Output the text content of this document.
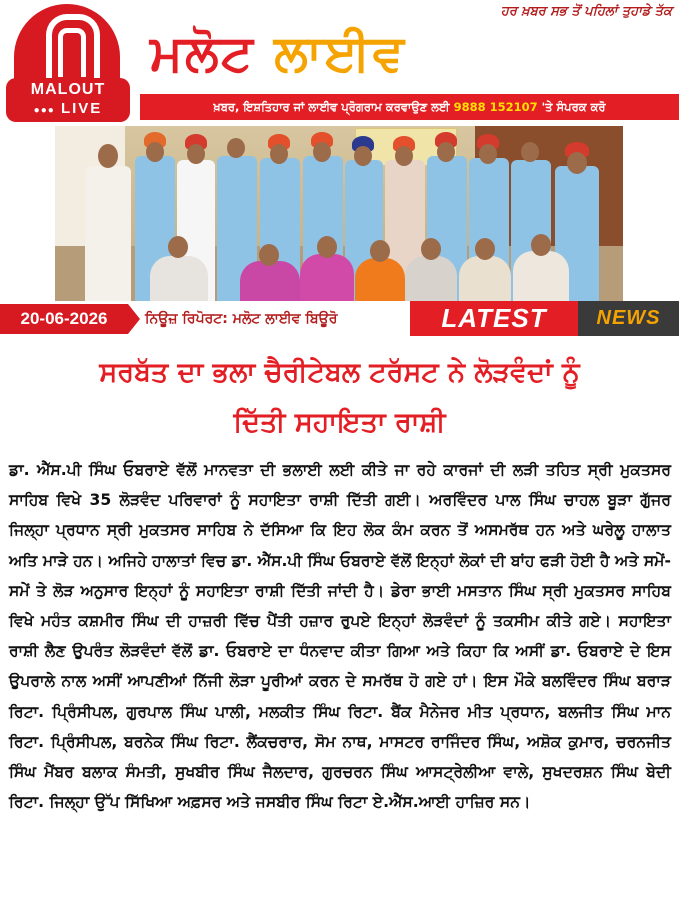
MALOUT
●●● LIVE
ਹਰ ਖ਼ਬਰ ਸਭ ਤੋਂ ਪਹਿਲਾਂ ਤੁਹਾਡੇ ਤੱਕ
ਮਲੋਟ ਲਾਈਵ
ਖ਼ਬਰ, ਇਸ਼ਤਿਹਾਰ ਜਾਂ ਲਾਈਵ ਪ੍ਰੋਗਰਾਮ ਕਰਵਾਉਣ ਲਈ 9888 152107 'ਤੇ ਸੰਪਰਕ ਕਰੋ
20-06-2026	ਨਿਊਜ਼ ਰਿਪੋਰਟ: ਮਲੋਟ ਲਾਈਵ ਬਿਊਰੋ	LATEST	NEWS
ਸਰਬੱਤ ਦਾ ਭਲਾ ਚੈਰੀਟੇਬਲ ਟਰੱਸਟ ਨੇ ਲੋੜਵੰਦਾਂ ਨੂੰ
ਦਿੱਤੀ ਸਹਾਇਤਾ ਰਾਸ਼ੀ
ਡਾ. ਐੱਸ.ਪੀ ਸਿੰਘ ਓਬਰਾਏ ਵੱਲੋਂ ਮਾਨਵਤਾ ਦੀ ਭਲਾਈ ਲਈ ਕੀਤੇ ਜਾ ਰਹੇ ਕਾਰਜਾਂ ਦੀ ਲੜੀ ਤਹਿਤ ਸ੍ਰੀ ਮੁਕਤਸਰ ਸਾਹਿਬ ਵਿਖੇ 35 ਲੋੜਵੰਦ ਪਰਿਵਾਰਾਂ ਨੂੰ ਸਹਾਇਤਾ ਰਾਸ਼ੀ ਦਿੱਤੀ ਗਈ। ਅਰਵਿੰਦਰ ਪਾਲ ਸਿੰਘ ਚਾਹਲ ਬੂੜਾ ਗੁੱਜਰ ਜਿਲ੍ਹਾ ਪ੍ਰਧਾਨ ਸ੍ਰੀ ਮੁਕਤਸਰ ਸਾਹਿਬ ਨੇ ਦੱਸਿਆ ਕਿ ਇਹ ਲੋਕ ਕੰਮ ਕਰਨ ਤੋਂ ਅਸਮਰੱਥ ਹਨ ਅਤੇ ਘਰੇਲੂ ਹਾਲਾਤ ਅਤਿ ਮਾੜੇ ਹਨ। ਅਜਿਹੇ ਹਾਲਾਤਾਂ ਵਿਚ ਡਾ. ਐੱਸ.ਪੀ ਸਿੰਘ ਓਬਰਾਏ ਵੱਲੋਂ ਇਨ੍ਹਾਂ ਲੋਕਾਂ ਦੀ ਬਾਂਹ ਫੜੀ ਹੋਈ ਹੈ ਅਤੇ ਸਮੇਂ-ਸਮੇਂ ਤੇ ਲੋੜ ਅਨੁਸਾਰ ਇਨ੍ਹਾਂ ਨੂੰ ਸਹਾਇਤਾ ਰਾਸ਼ੀ ਦਿੱਤੀ ਜਾਂਦੀ ਹੈ। ਡੇਰਾ ਭਾਈ ਮਸਤਾਨ ਸਿੰਘ ਸ੍ਰੀ ਮੁਕਤਸਰ ਸਾਹਿਬ ਵਿਖੇ ਮਹੰਤ ਕਸ਼ਮੀਰ ਸਿੰਘ ਦੀ ਹਾਜ਼ਰੀ ਵਿੱਚ ਪੈਂਤੀ ਹਜ਼ਾਰ ਰੁਪਏ ਇਨ੍ਹਾਂ ਲੋੜਵੰਦਾਂ ਨੂੰ ਤਕਸੀਮ ਕੀਤੇ ਗਏ। ਸਹਾਇਤਾ ਰਾਸ਼ੀ ਲੈਣ ਉਪਰੰਤ ਲੋੜਵੰਦਾਂ ਵੱਲੋਂ ਡਾ. ਓਬਰਾਏ ਦਾ ਧੰਨਵਾਦ ਕੀਤਾ ਗਿਆ ਅਤੇ ਕਿਹਾ ਕਿ ਅਸੀਂ ਡਾ. ਓਬਰਾਏ ਦੇ ਇਸ ਉਪਰਾਲੇ ਨਾਲ ਅਸੀਂ ਆਪਣੀਆਂ ਨਿੱਜੀ ਲੋੜਾ ਪੂਰੀਆਂ ਕਰਨ ਦੇ ਸਮਰੱਥ ਹੋ ਗਏ ਹਾਂ। ਇਸ ਮੌਕੇ ਬਲਵਿੰਦਰ ਸਿੰਘ ਬਰਾੜ ਰਿਟਾ. ਪ੍ਰਿੰਸੀਪਲ, ਗੁਰਪਾਲ ਸਿੰਘ ਪਾਲੀ, ਮਲਕੀਤ ਸਿੰਘ ਰਿਟਾ. ਬੈਂਕ ਮੈਨੇਜਰ ਮੀਤ ਪ੍ਰਧਾਨ, ਬਲਜੀਤ ਸਿੰਘ ਮਾਨ ਰਿਟਾ. ਪ੍ਰਿੰਸੀਪਲ, ਬਰਨੇਕ ਸਿੰਘ ਰਿਟਾ. ਲੈਂਕਚਰਾਰ, ਸੋਮ ਨਾਥ, ਮਾਸਟਰ ਰਾਜਿੰਦਰ ਸਿੰਘ, ਅਸ਼ੋਕ ਕੁਮਾਰ, ਚਰਨਜੀਤ ਸਿੰਘ ਮੈਂਬਰ ਬਲਾਕ ਸੰਮਤੀ, ਸੁਖਬੀਰ ਸਿੰਘ ਜੈਲਦਾਰ, ਗੁਰਚਰਨ ਸਿੰਘ ਆਸਟ੍ਰੇਲੀਆ ਵਾਲੇ, ਸੁਖਦਰਸ਼ਨ ਸਿੰਘ ਬੇਦੀ ਰਿਟਾ. ਜਿਲ੍ਹਾ ਉੱਪ ਸਿੱਖਿਆ ਅਫ਼ਸਰ ਅਤੇ ਜਸਬੀਰ ਸਿੰਘ ਰਿਟਾ ਏ.ਐੱਸ.ਆਈ ਹਾਜ਼ਿਰ ਸਨ।
